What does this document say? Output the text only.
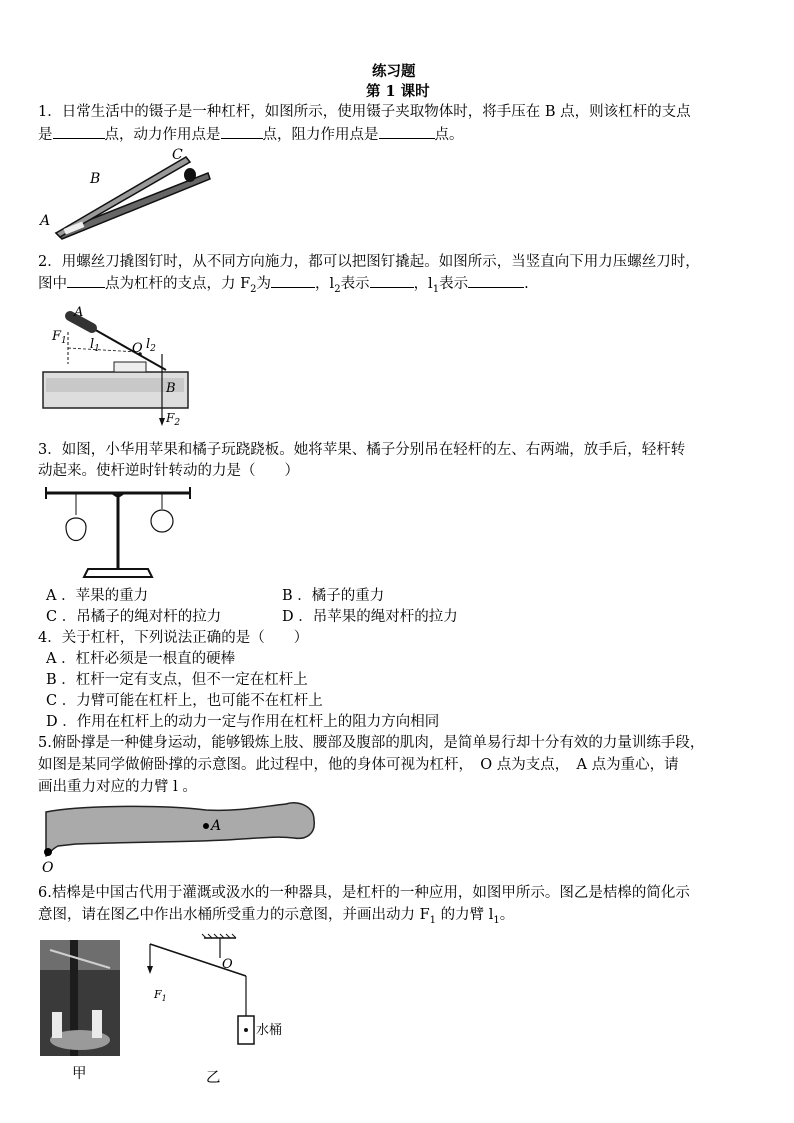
练习题
第 1 课时
1．日常生活中的镊子是一种杠杆，如图所示，使用镊子夹取物体时，将手压在 B 点，则该杠杆的支点
是	点，动力作用点是	点，阻力作用点是	点。
A
B
C
2．用螺丝刀撬图钉时，从不同方向施力，都可以把图钉撬起。如图所示，当竖直向下用力压螺丝刀时，
图中	点为杠杆的支点，力 $F_2$为	，$l_2$表示	，$l_1$表示	.
A
$F_1$ $l_1$ O $l_2$
B
$F_2$
3．如图，小华用苹果和橘子玩跷跷板。她将苹果、橘子分别吊在轻杆的左、右两端，放手后，轻杆转
动起来。使杆逆时针转动的力是（　　）
A ．苹果的重力	B ．橘子的重力
C ．吊橘子的绳对杆的拉力	D ．吊苹果的绳对杆的拉力
4．关于杠杆，下列说法正确的是（　　）
A ．杠杆必须是一根直的硬棒
B ．杠杆一定有支点，但不一定在杠杆上
C ．力臂可能在杠杆上，也可能不在杠杆上
D ．作用在杠杆上的动力一定与作用在杠杆上的阻力方向相同
5.俯卧撑是一种健身运动，能够锻炼上肢、腰部及腹部的肌肉，是简单易行却十分有效的力量训练手段，
如图是某同学做俯卧撑的示意图。此过程中，他的身体可视为杠杆，　O 点为支点，　A 点为重心，请
画出重力对应的力臂 l 。
A
O
6.桔槔是中国古代用于灌溉或汲水的一种器具，是杠杆的一种应用，如图甲所示。图乙是桔槔的简化示
意图，请在图乙中作出水桶所受重力的示意图，并画出动力 $F_1$ 的力臂 $l_1$。
甲
O
$F_1$
水桶
乙
